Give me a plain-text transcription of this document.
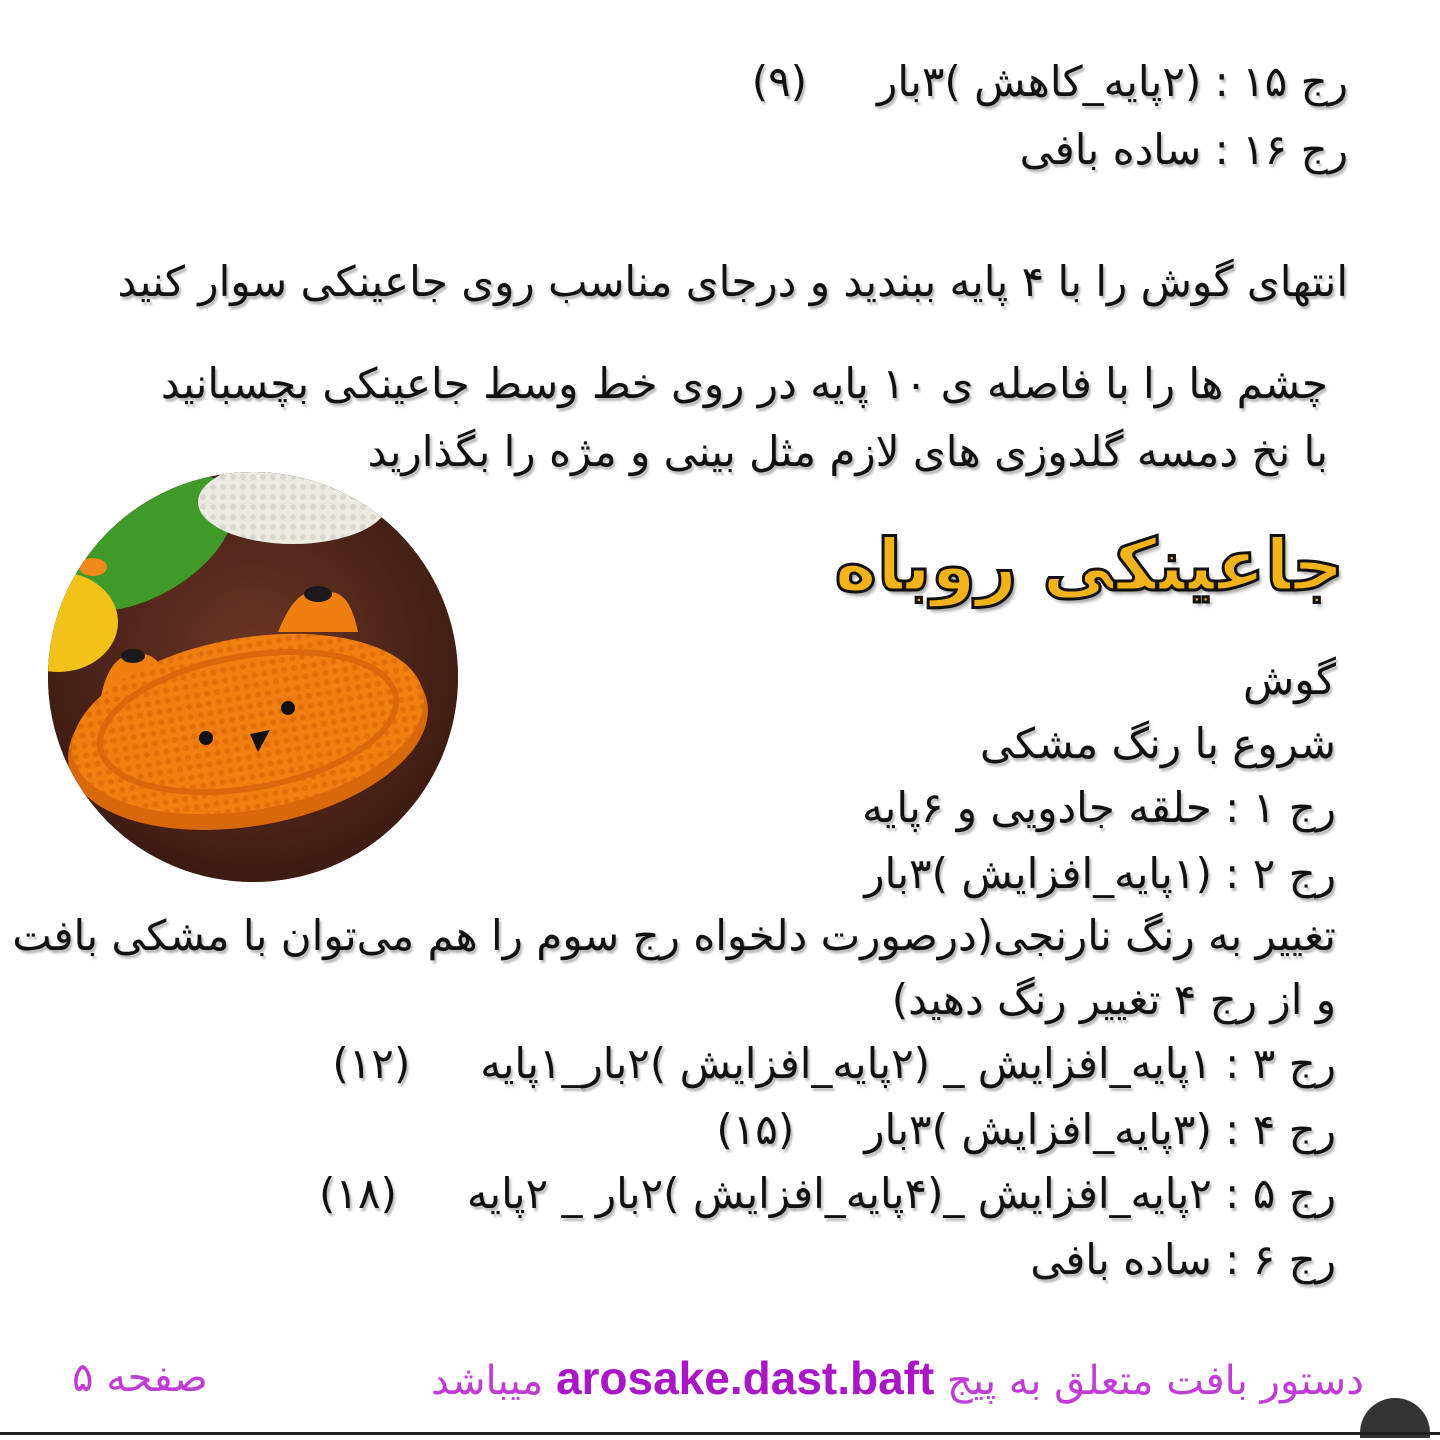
رج ۱۵ : (۲پایه_کاهش )۳بار(۹)
رج ۱۶ : ساده بافی
انتهای گوش را با ۴ پایه ببندید و درجای مناسب روی جاعینکی سوار کنید
چشم ها را با فاصله ی ۱۰ پایه در روی خط وسط جاعینکی بچسبانید
با نخ دمسه گلدوزی های لازم مثل بینی و مژه را بگذارید
جاعینکی روباه
گوش
شروع با رنگ مشکی
رج ۱ : حلقه جادویی و ۶پایه
رج ۲ : (۱پایه_افزایش )۳بار
تغییر به رنگ نارنجی(درصورت دلخواه رج سوم را هم می‌توان با مشکی بافت
و از رج ۴ تغییر رنگ دهید)
رج ۳ : ۱پایه_افزایش _ (۲پایه_افزایش )۲بار_۱پایه(۱۲)
رج ۴ : (۳پایه_افزایش )۳بار(۱۵)
رج ۵ : ۲پایه_افزایش _(۴پایه_افزایش )۲بار _ ۲پایه(۱۸)
رج ۶ : ساده بافی
دستور بافت متعلق به پیج arosake.dast.baft میباشد
صفحه ۵
